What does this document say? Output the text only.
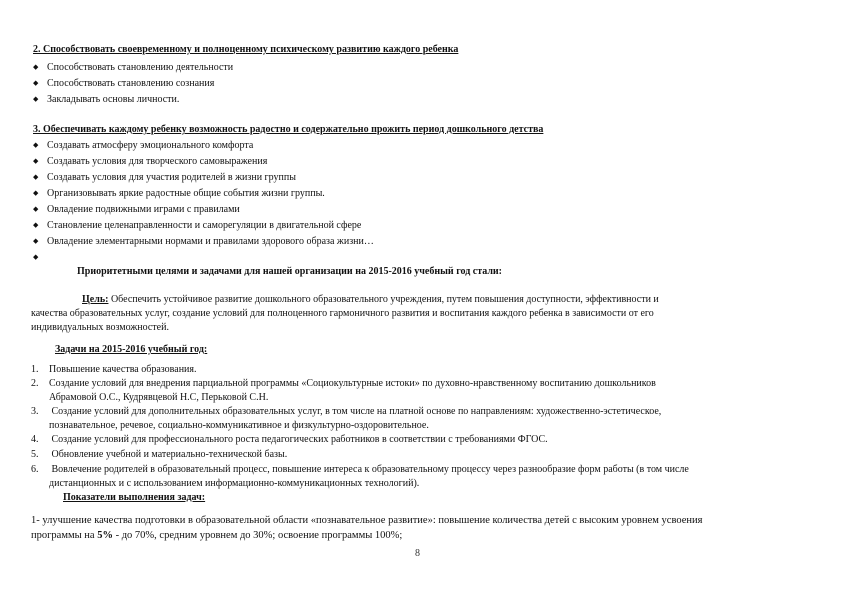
2. Способствовать своевременному и полноценному психическому развитию каждого ребенка
◆ Способствовать становлению деятельности
◆ Способствовать становлению сознания
◆ Закладывать основы личности.
3. Обеспечивать каждому ребенку возможность радостно и содержательно прожить период дошкольного детства
◆ Создавать атмосферу эмоционального комфорта
◆ Создавать условия для творческого самовыражения
◆ Создавать условия для участия родителей в жизни группы
◆ Организовывать яркие радостные общие события жизни группы.
◆ Овладение подвижными играми с правилами
◆ Становление целенаправленности и саморегуляции в двигательной сфере
◆ Овладение элементарными нормами и правилами здорового образа жизни…
◆
Приоритетными целями и задачами для нашей организации на 2015-2016 учебный год стали:
Цель: Обеспечить устойчивое развитие дошкольного образовательного учреждения, путем повышения доступности, эффективности и
качества образовательных услуг, создание условий для полноценного гармоничного развития и воспитания каждого ребенка в зависимости от его
индивидуальных возможностей.
Задачи на 2015-2016 учебный год:
1. Повышение качества образования.
2. Создание условий для внедрения парциальной программы «Социокультурные истоки» по духовно-нравственному воспитанию дошкольников
Абрамовой О.С., Кудрявцевой Н.С, Перьковой С.Н.
3. Создание условий для дополнительных образовательных услуг, в том числе на платной основе по направлениям: художественно-эстетическое,
познавательное, речевое, социально-коммуникативное и физкультурно-оздоровительное.
4. Создание условий для профессионального роста педагогических работников в соответствии с требованиями ФГОС.
5. Обновление учебной и материально-технической базы.
6. Вовлечение родителей в образовательный процесс, повышение интереса к образовательному процессу через разнообразие форм работы (в том числе
дистанционных и с использованием информационно-коммуникационных технологий).
Показатели выполнения задач:
1- улучшение качества подготовки в образовательной области «познавательное развитие»: повышение количества детей с высоким уровнем усвоения
программы на 5% - до 70%, средним уровнем до 30%; освоение программы 100%;
8
